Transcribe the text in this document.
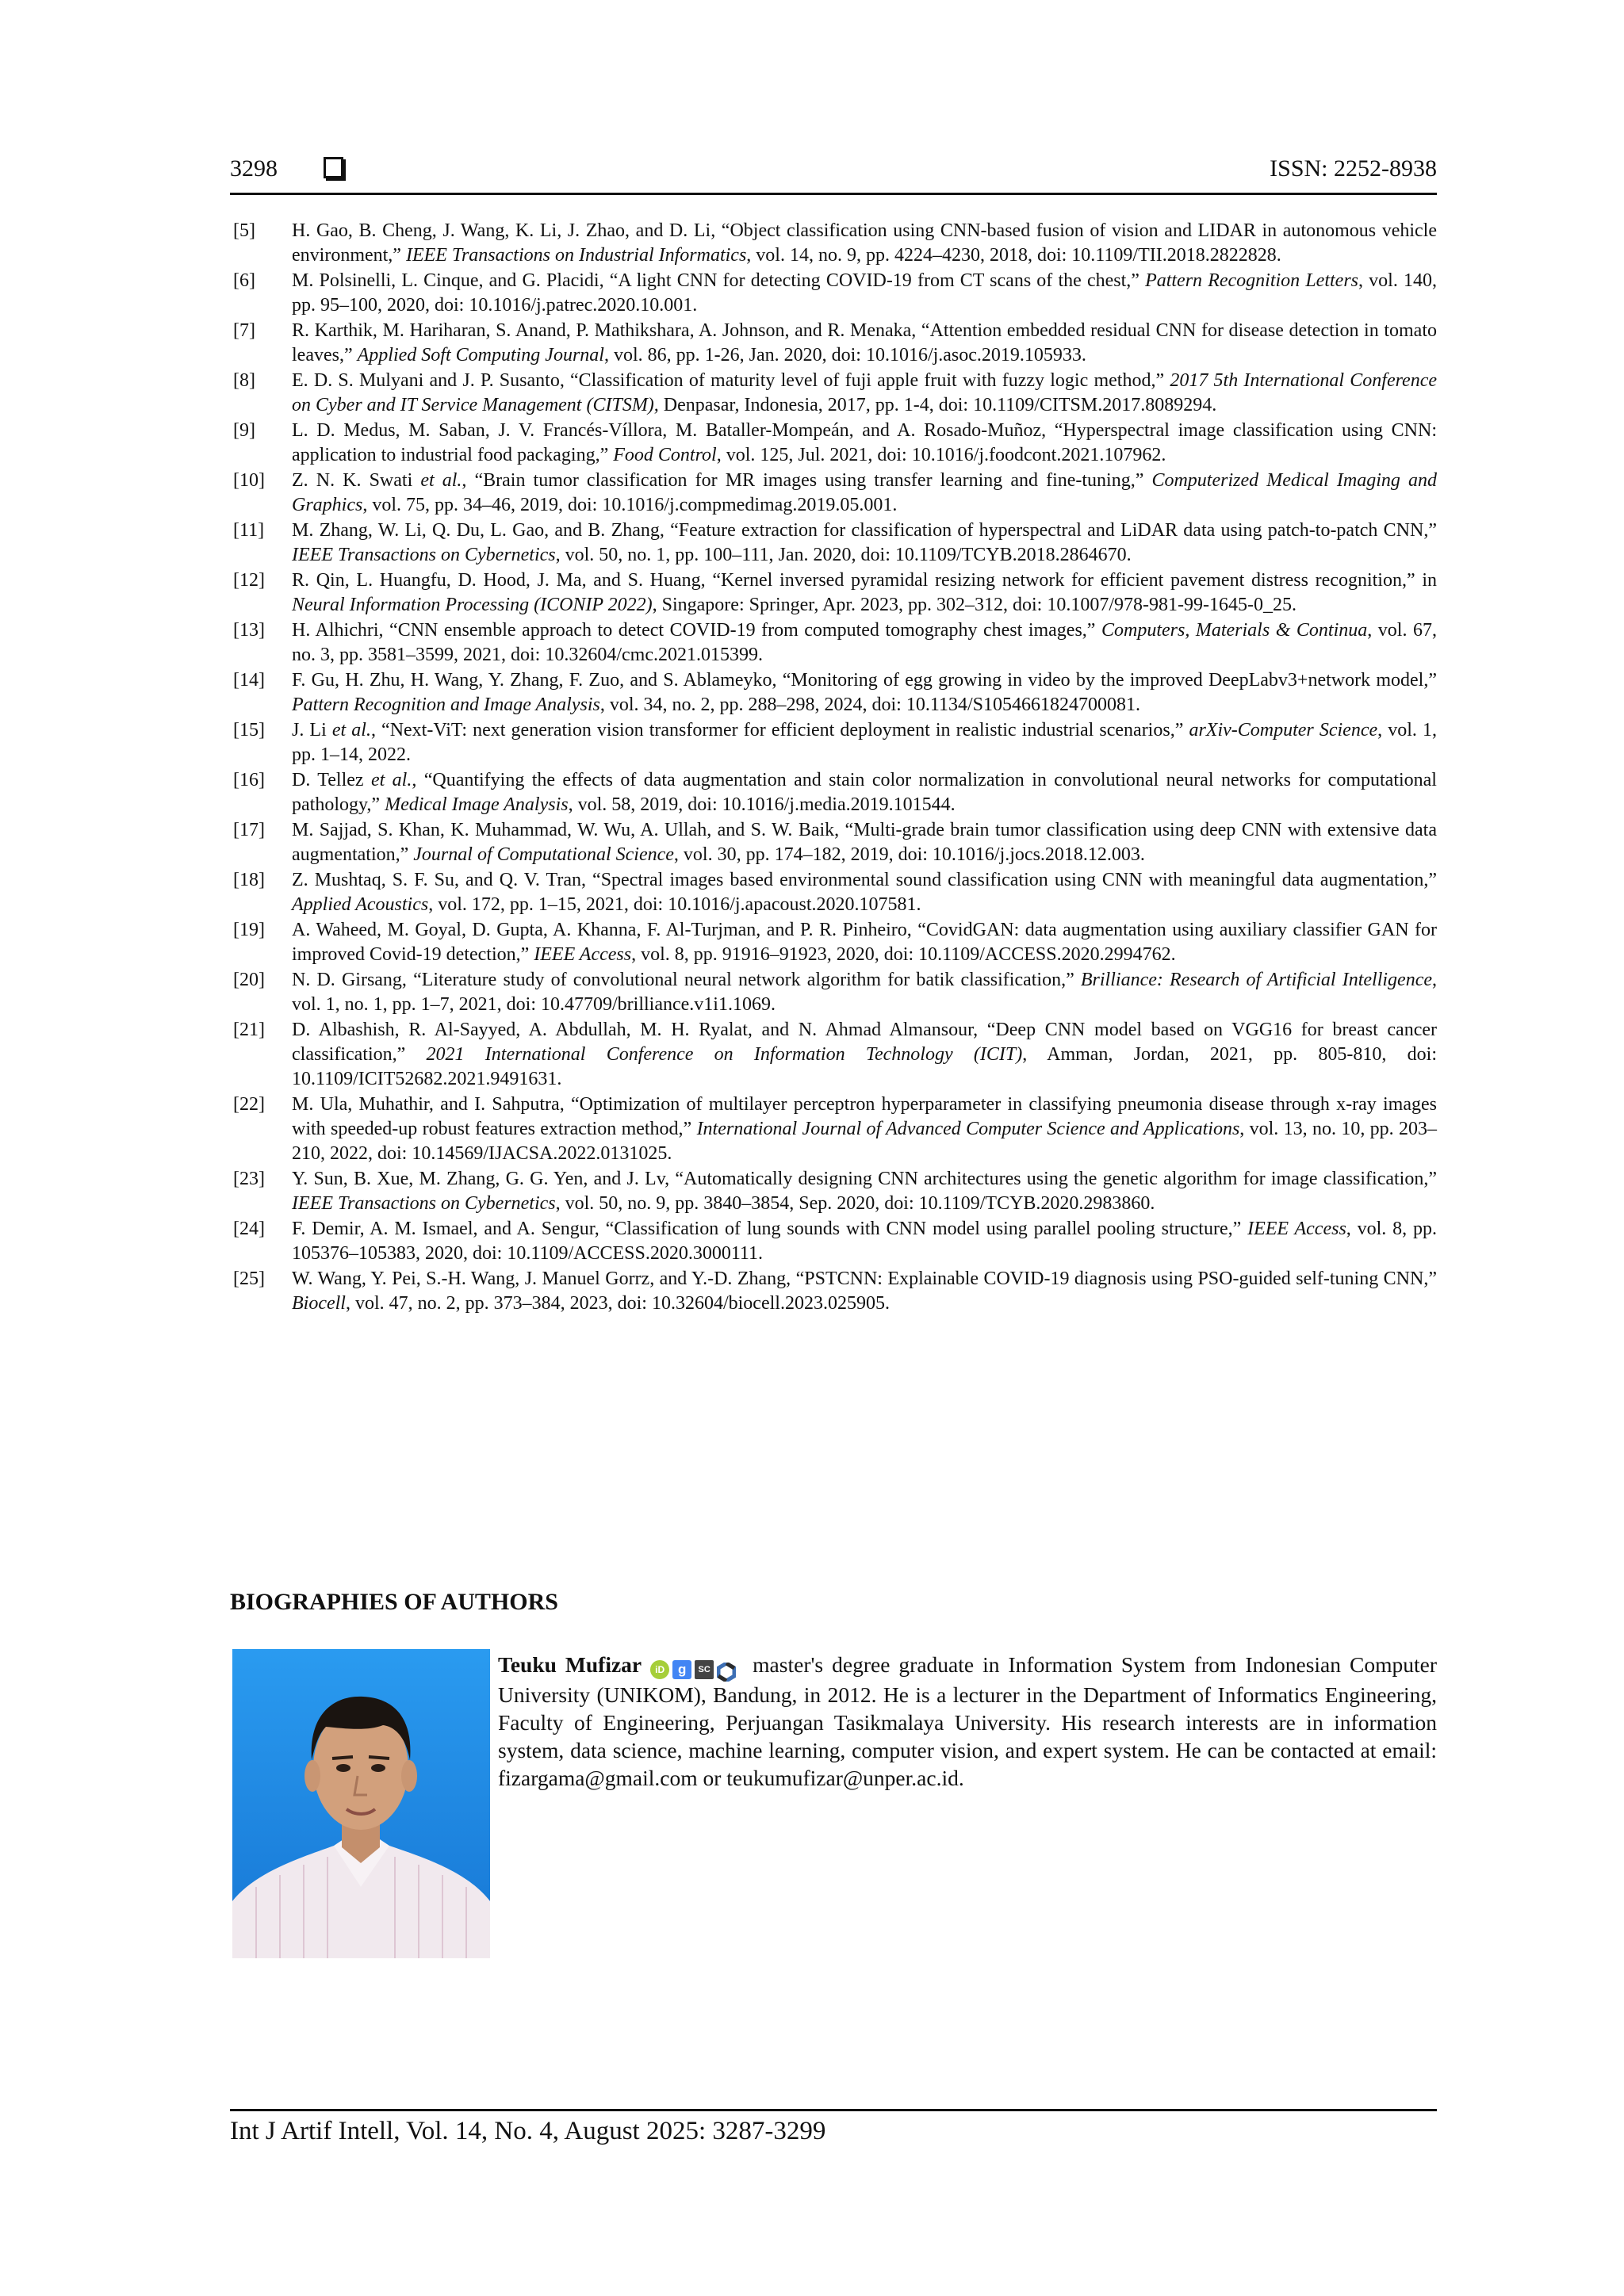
3298	ISSN: 2252-8938
[5] H. Gao, B. Cheng, J. Wang, K. Li, J. Zhao, and D. Li, “Object classification using CNN-based fusion of vision and LIDAR in autonomous vehicle environment,” IEEE Transactions on Industrial Informatics, vol. 14, no. 9, pp. 4224–4230, 2018, doi: 10.1109/TII.2018.2822828.
[6] M. Polsinelli, L. Cinque, and G. Placidi, “A light CNN for detecting COVID-19 from CT scans of the chest,” Pattern Recognition Letters, vol. 140, pp. 95–100, 2020, doi: 10.1016/j.patrec.2020.10.001.
[7] R. Karthik, M. Hariharan, S. Anand, P. Mathikshara, A. Johnson, and R. Menaka, “Attention embedded residual CNN for disease detection in tomato leaves,” Applied Soft Computing Journal, vol. 86, pp. 1-26, Jan. 2020, doi: 10.1016/j.asoc.2019.105933.
[8] E. D. S. Mulyani and J. P. Susanto, “Classification of maturity level of fuji apple fruit with fuzzy logic method,” 2017 5th International Conference on Cyber and IT Service Management (CITSM), Denpasar, Indonesia, 2017, pp. 1-4, doi: 10.1109/CITSM.2017.8089294.
[9] L. D. Medus, M. Saban, J. V. Francés-Víllora, M. Bataller-Mompeán, and A. Rosado-Muñoz, “Hyperspectral image classification using CNN: application to industrial food packaging,” Food Control, vol. 125, Jul. 2021, doi: 10.1016/j.foodcont.2021.107962.
[10] Z. N. K. Swati et al., “Brain tumor classification for MR images using transfer learning and fine-tuning,” Computerized Medical Imaging and Graphics, vol. 75, pp. 34–46, 2019, doi: 10.1016/j.compmedimag.2019.05.001.
[11] M. Zhang, W. Li, Q. Du, L. Gao, and B. Zhang, “Feature extraction for classification of hyperspectral and LiDAR data using patch-to-patch CNN,” IEEE Transactions on Cybernetics, vol. 50, no. 1, pp. 100–111, Jan. 2020, doi: 10.1109/TCYB.2018.2864670.
[12] R. Qin, L. Huangfu, D. Hood, J. Ma, and S. Huang, “Kernel inversed pyramidal resizing network for efficient pavement distress recognition,” in Neural Information Processing (ICONIP 2022), Singapore: Springer, Apr. 2023, pp. 302–312, doi: 10.1007/978-981-99-1645-0_25.
[13] H. Alhichri, “CNN ensemble approach to detect COVID-19 from computed tomography chest images,” Computers, Materials & Continua, vol. 67, no. 3, pp. 3581–3599, 2021, doi: 10.32604/cmc.2021.015399.
[14] F. Gu, H. Zhu, H. Wang, Y. Zhang, F. Zuo, and S. Ablameyko, “Monitoring of egg growing in video by the improved DeepLabv3+network model,” Pattern Recognition and Image Analysis, vol. 34, no. 2, pp. 288–298, 2024, doi: 10.1134/S1054661824700081.
[15] J. Li et al., “Next-ViT: next generation vision transformer for efficient deployment in realistic industrial scenarios,” arXiv-Computer Science, vol. 1, pp. 1–14, 2022.
[16] D. Tellez et al., “Quantifying the effects of data augmentation and stain color normalization in convolutional neural networks for computational pathology,” Medical Image Analysis, vol. 58, 2019, doi: 10.1016/j.media.2019.101544.
[17] M. Sajjad, S. Khan, K. Muhammad, W. Wu, A. Ullah, and S. W. Baik, “Multi-grade brain tumor classification using deep CNN with extensive data augmentation,” Journal of Computational Science, vol. 30, pp. 174–182, 2019, doi: 10.1016/j.jocs.2018.12.003.
[18] Z. Mushtaq, S. F. Su, and Q. V. Tran, “Spectral images based environmental sound classification using CNN with meaningful data augmentation,” Applied Acoustics, vol. 172, pp. 1–15, 2021, doi: 10.1016/j.apacoust.2020.107581.
[19] A. Waheed, M. Goyal, D. Gupta, A. Khanna, F. Al-Turjman, and P. R. Pinheiro, “CovidGAN: data augmentation using auxiliary classifier GAN for improved Covid-19 detection,” IEEE Access, vol. 8, pp. 91916–91923, 2020, doi: 10.1109/ACCESS.2020.2994762.
[20] N. D. Girsang, “Literature study of convolutional neural network algorithm for batik classification,” Brilliance: Research of Artificial Intelligence, vol. 1, no. 1, pp. 1–7, 2021, doi: 10.47709/brilliance.v1i1.1069.
[21] D. Albashish, R. Al-Sayyed, A. Abdullah, M. H. Ryalat, and N. Ahmad Almansour, “Deep CNN model based on VGG16 for breast cancer classification,” 2021 International Conference on Information Technology (ICIT), Amman, Jordan, 2021, pp. 805-810, doi: 10.1109/ICIT52682.2021.9491631.
[22] M. Ula, Muhathir, and I. Sahputra, “Optimization of multilayer perceptron hyperparameter in classifying pneumonia disease through x-ray images with speeded-up robust features extraction method,” International Journal of Advanced Computer Science and Applications, vol. 13, no. 10, pp. 203–210, 2022, doi: 10.14569/IJACSA.2022.0131025.
[23] Y. Sun, B. Xue, M. Zhang, G. G. Yen, and J. Lv, “Automatically designing CNN architectures using the genetic algorithm for image classification,” IEEE Transactions on Cybernetics, vol. 50, no. 9, pp. 3840–3854, Sep. 2020, doi: 10.1109/TCYB.2020.2983860.
[24] F. Demir, A. M. Ismael, and A. Sengur, “Classification of lung sounds with CNN model using parallel pooling structure,” IEEE Access, vol. 8, pp. 105376–105383, 2020, doi: 10.1109/ACCESS.2020.3000111.
[25] W. Wang, Y. Pei, S.-H. Wang, J. Manuel Gorrz, and Y.-D. Zhang, “PSTCNN: Explainable COVID-19 diagnosis using PSO-guided self-tuning CNN,” Biocell, vol. 47, no. 2, pp. 373–384, 2023, doi: 10.32604/biocell.2023.025905.
BIOGRAPHIES OF AUTHORS
Teuku Mufizar iD g SC master's degree graduate in Information System from Indonesian Computer University (UNIKOM), Bandung, in 2012. He is a lecturer in the Department of Informatics Engineering, Faculty of Engineering, Perjuangan Tasikmalaya University. His research interests are in information system, data science, machine learning, computer vision, and expert system. He can be contacted at email: fizargama@gmail.com or teukumufizar@unper.ac.id.
Int J Artif Intell, Vol. 14, No. 4, August 2025: 3287-3299
